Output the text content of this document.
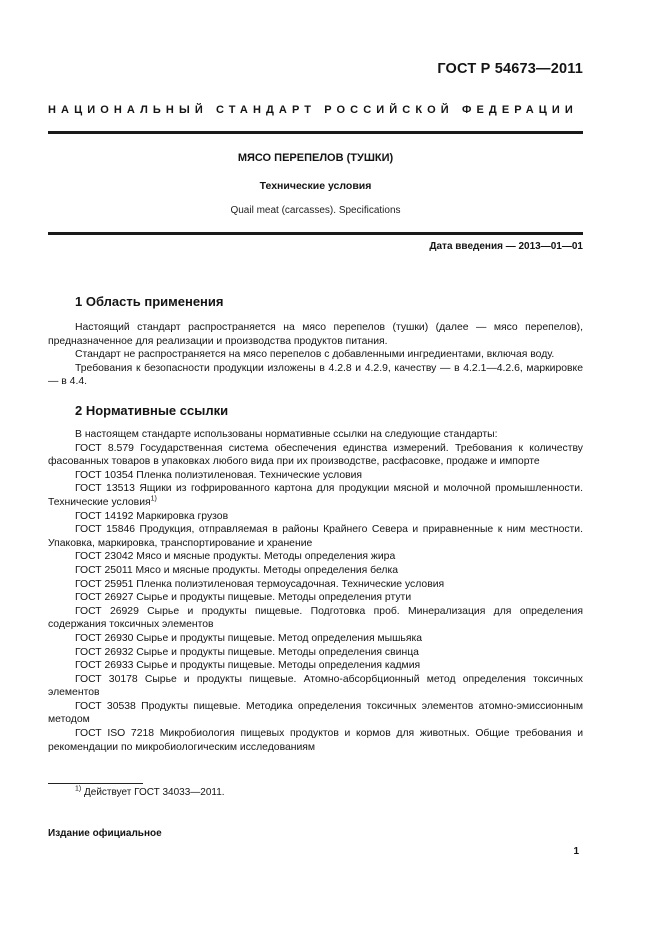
ГОСТ Р 54673—2011
НАЦИОНАЛЬНЫЙ СТАНДАРТ РОССИЙСКОЙ ФЕДЕРАЦИИ
МЯСО ПЕРЕПЕЛОВ (ТУШКИ)
Технические условия
Quail meat (carcasses). Specifications
Дата введения — 2013—01—01
1 Область применения

Настоящий стандарт распространяется на мясо перепелов (тушки) (далее — мясо перепелов), предназначенное для реализации и производства продуктов питания.

Стандарт не распространяется на мясо перепелов с добавленными ингредиентами, включая воду.

Требования к безопасности продукции изложены в 4.2.8 и 4.2.9, качеству — в 4.2.1—4.2.6, маркировке — в 4.4.

2 Нормативные ссылки

В настоящем стандарте использованы нормативные ссылки на следующие стандарты:

ГОСТ 8.579 Государственная система обеспечения единства измерений. Требования к количеству фасованных товаров в упаковках любого вида при их производстве, расфасовке, продаже и импорте

ГОСТ 10354 Пленка полиэтиленовая. Технические условия

ГОСТ 13513 Ящики из гофрированного картона для продукции мясной и молочной промышленности. Технические условия$^{1)}$

ГОСТ 14192 Маркировка грузов

ГОСТ 15846 Продукция, отправляемая в районы Крайнего Севера и приравненные к ним местности. Упаковка, маркировка, транспортирование и хранение

ГОСТ 23042 Мясо и мясные продукты. Методы определения жира

ГОСТ 25011 Мясо и мясные продукты. Методы определения белка

ГОСТ 25951 Пленка полиэтиленовая термоусадочная. Технические условия

ГОСТ 26927 Сырье и продукты пищевые. Методы определения ртути

ГОСТ 26929 Сырье и продукты пищевые. Подготовка проб. Минерализация для определения содержания токсичных элементов

ГОСТ 26930 Сырье и продукты пищевые. Метод определения мышьяка

ГОСТ 26932 Сырье и продукты пищевые. Методы определения свинца

ГОСТ 26933 Сырье и продукты пищевые. Методы определения кадмия

ГОСТ 30178 Сырье и продукты пищевые. Атомно-абсорбционный метод определения токсичных элементов

ГОСТ 30538 Продукты пищевые. Методика определения токсичных элементов атомно-эмиссионным методом

ГОСТ ISO 7218 Микробиология пищевых продуктов и кормов для животных. Общие требования и рекомендации по микробиологическим исследованиям

$^{1)}$ Действует ГОСТ 34033—2011.
Издание официальное
1
